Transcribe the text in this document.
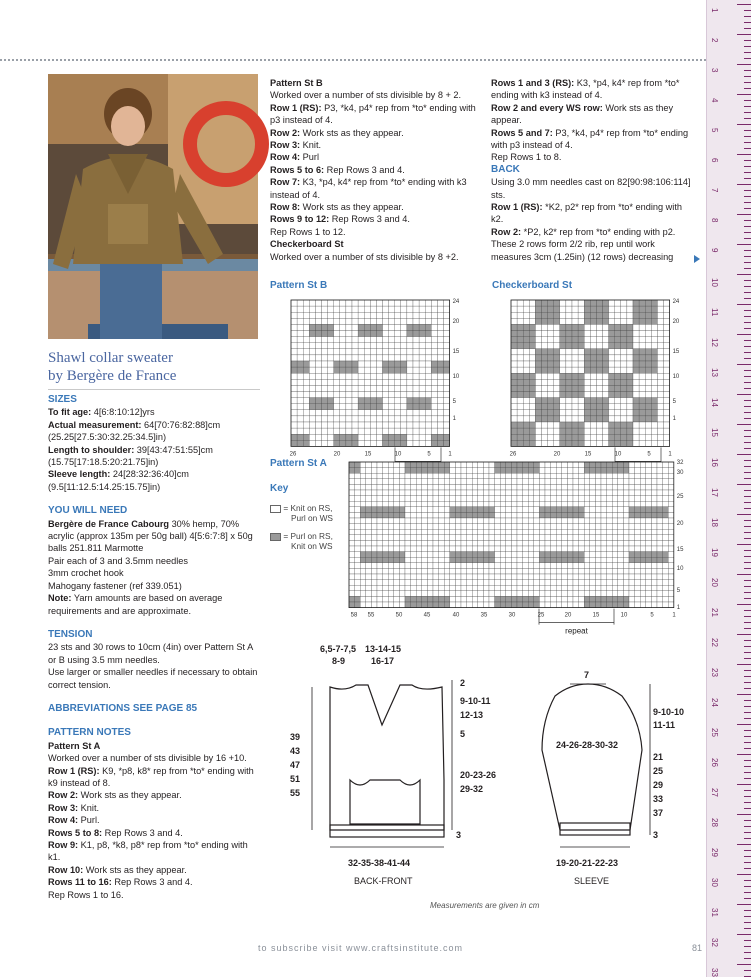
1
2
3
4
5
6
7
8
9
10
11
12
13
14
15
16
17
18
19
20
21
22
23
24
25
26
27
28
29
30
31
32
33
Shawl collar sweater
by Bergère de France

SIZES

To fit age: 4[6:8:10:12]yrs

Actual measurement: 64[70:76:82:88]cm (25.25[27.5:30:32.25:34.5]in)

Length to shoulder: 39[43:47:51:55]cm (15.75[17:18.5:20:21.75]in)

Sleeve length: 24[28:32:36:40]cm (9.5[11:12.5:14.25:15.75]in)

YOU WILL NEED

Bergère de France Cabourg 30% hemp, 70% acrylic (approx 135m per 50g ball) 4[5:6:7:8] x 50g balls 251.811 Marmotte

Pair each of 3 and 3.5mm needles

3mm crochet hook

Mahogany fastener (ref 339.051)

Note: Yarn amounts are based on average requirements and are approximate.

TENSION

23 sts and 30 rows to 10cm (4in) over Pattern St A or B using 3.5 mm needles.

Use larger or smaller needles if necessary to obtain correct tension.

ABBREVIATIONS SEE PAGE 85

PATTERN NOTES

Pattern St A

Worked over a number of sts divisible by 16 +10.

Row 1 (RS): K9, *p8, k8* rep from *to* ending with k9 instead of 8.

Row 2: Work sts as they appear.

Row 3: Knit.

Row 4: Purl.

Rows 5 to 8: Rep Rows 3 and 4.

Row 9: K1, p8, *k8, p8* rep from *to* ending with k1.

Row 10: Work sts as they appear.

Rows 11 to 16: Rep Rows 3 and 4.

Rep Rows 1 to 16.

Pattern St B

Worked over a number of sts divisible by 8 + 2.

Row 1 (RS): P3, *k4, p4* rep from *to* ending with p3 instead of 4.

Row 2: Work sts as they appear.

Row 3: Knit.

Row 4: Purl

Rows 5 to 6: Rep Rows 3 and 4.

Row 7: K3, *p4, k4* rep from *to* ending with k3 instead of 4.

Row 8: Work sts as they appear.

Rows 9 to 12: Rep Rows 3 and 4.

Rep Rows 1 to 12.

Checkerboard St

Worked over a number of sts divisible by 8 +2.

Rows 1 and 3 (RS): K3, *p4, k4* rep from *to* ending with k3 instead of 4.

Row 2 and every WS row: Work sts as they appear.

Rows 5 and 7: P3, *k4, p4* rep from *to* ending with p3 instead of 4.

Rep Rows 1 to 8.

BACK

Using 3.0 mm needles cast on 82[90:98:106:114] sts.

Row 1 (RS): *K2, p2* rep from *to* ending with k2.

Row 2: *P2, k2* rep from *to* ending with p2. These 2 rows form 2/2 rib, rep until work measures 3cm (1.25in) (12 rows) decreasing

Pattern St B	Checkerboard St
Pattern St A
Key
= Knit on RS,
Purl on WS
= Purl on RS,
Knit on WS
24
20
15
10
5
1
26	20	15	10	5	1
24
20
15
10
5
1
26	20	15	10	5	1
32
30
25
20
15
10
5
1
58 55	50	45	40	35	30	25	20	15	10	5	1
repeat
6,5-7-7,5
8-9
13-14-15
16-17
2
9-10-11
12-13
5
39
43
47
51
55
20-23-26
29-32
3
32-35-38-41-44
BACK-FRONT
7
24-26-28-30-32
9-10-10
11-11
21
25
29
33
37
3
19-20-21-22-23
SLEEVE
Measurements are given in cm
to subscribe visit www.craftsinstitute.com	81
